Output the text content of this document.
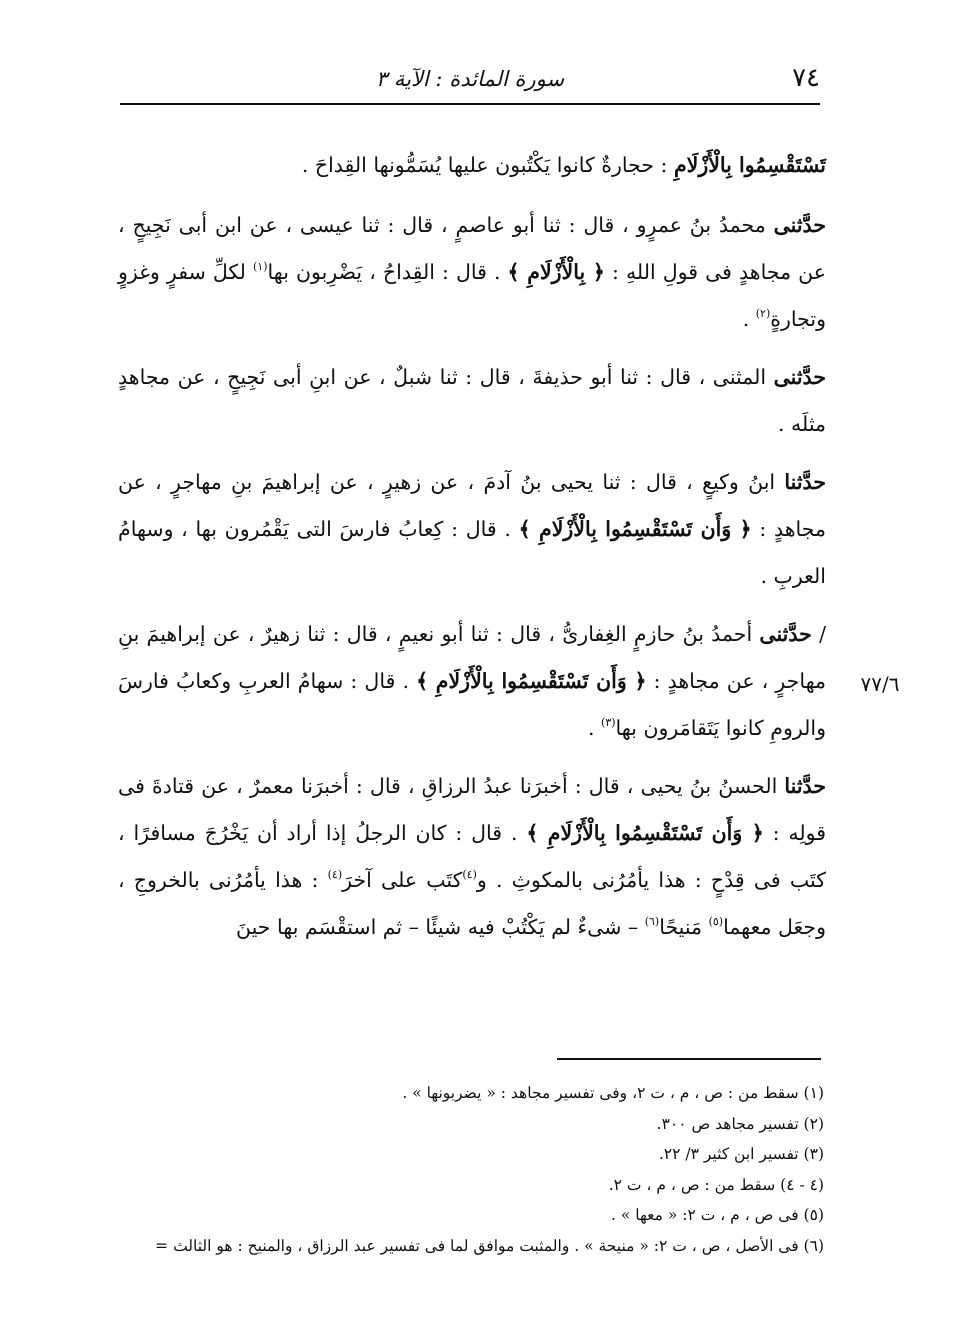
٧٤
سورة المائدة : الآية ٣
٧٧/٦

تَسْتَقْسِمُوا بِالْأَزْلَامِ : حجارةٌ كانوا يَكْتُبون عليها يُسَمُّونها القِداحَ .

حدَّثنى محمدُ بنُ عمرٍو ، قال : ثنا أبو عاصمٍ ، قال : ثنا عيسى ، عن ابن أبى نَجِيحٍ ، عن مجاهدٍ فى قولِ اللهِ : ﴿ بِالْأَزْلَامِ ﴾ . قال : القِداحُ ، يَضْرِبون بها$^{(١)}$ لكلِّ سفرٍ وغزوٍ وتجارةٍ$^{(٢)}$ .

حدَّثنى المثنى ، قال : ثنا أبو حذيفةَ ، قال : ثنا شبلٌ ، عن ابنِ أبى نَجِيحٍ ، عن مجاهدٍ مثلَه .

حدَّثنا ابنُ وكيعٍ ، قال : ثنا يحيى بنُ آدمَ ، عن زهيرٍ ، عن إبراهيمَ بنِ مهاجرٍ ، عن مجاهدٍ : ﴿ وَأَن تَسْتَقْسِمُوا بِالْأَزْلَامِ ﴾ . قال : كِعابُ فارسَ التى يَقْمُرون بها ، وسهامُ العربِ .

/ حدَّثنى أحمدُ بنُ حازمٍ الغِفارىُّ ، قال : ثنا أبو نعيمٍ ، قال : ثنا زهيرٌ ، عن إبراهيمَ بنِ مهاجرٍ ، عن مجاهدٍ : ﴿ وَأَن تَسْتَقْسِمُوا بِالْأَزْلَامِ ﴾ . قال : سهامُ العربِ وكعابُ فارسَ والرومِ كانوا يَتَقامَرون بها$^{(٣)}$ .

حدَّثنا الحسنُ بنُ يحيى ، قال : أخبرَنا عبدُ الرزاقِ ، قال : أخبرَنا معمرٌ ، عن قتادةَ فى قولِه : ﴿ وَأَن تَسْتَقْسِمُوا بِالْأَزْلَامِ ﴾ . قال : كان الرجلُ إذا أراد أن يَخْرُجَ مسافرًا ، كتَب فى قِدْحٍ : هذا يأمُرُنى بالمكوثِ . و$^{(٤)}$كتَب على آخرَ$^{(٤)}$ : هذا يأمُرُنى بالخروجِ ، وجعَل معهما$^{(٥)}$ مَنيحًا$^{(٦)}$ – شىءٌ لم يَكْتُبْ فيه شيئًا – ثم استقْسَم بها حينَ

(١) سقط من : ص ، م ، ت ٢، وفى تفسير مجاهد : « يضربونها » .
(٢) تفسير مجاهد ص ٣٠٠.
(٣) تفسير ابن كثير ٣/ ٢٢.
(٤ - ٤) سقط من : ص ، م ، ت ٢.
(٥) فى ص ، م ، ت ٢: « معها » .
(٦) فى الأصل ، ص ، ت ٢: « منيحة » . والمثبت موافق لما فى تفسير عبد الرزاق ، والمنيح : هو الثالث =
